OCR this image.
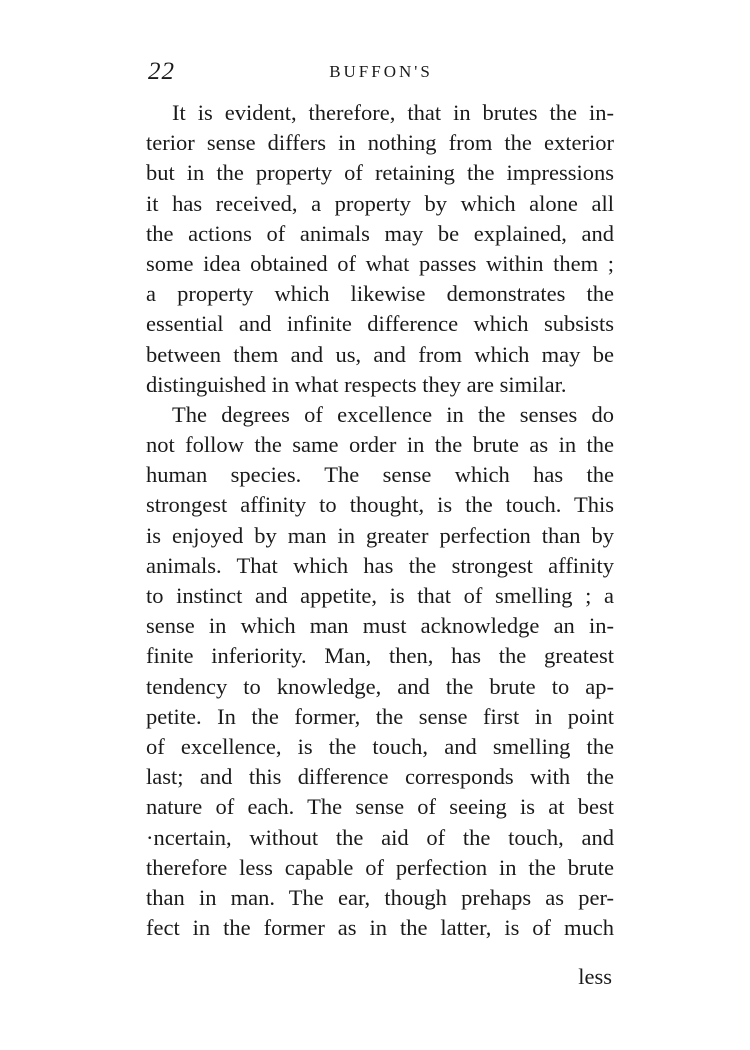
22	BUFFON'S
It is evident, therefore, that in brutes the in-
terior sense differs in nothing from the exterior
but in the property of retaining the impressions
it has received, a property by which alone all
the actions of animals may be explained, and
some idea obtained of what passes within them ;
a property which likewise demonstrates the
essential and infinite difference which subsists
between them and us, and from which may be
distinguished in what respects they are similar.
The degrees of excellence in the senses do
not follow the same order in the brute as in the
human species. The sense which has the
strongest affinity to thought, is the touch. This
is enjoyed by man in greater perfection than by
animals. That which has the strongest affinity
to instinct and appetite, is that of smelling ; a
sense in which man must acknowledge an in-
finite inferiority. Man, then, has the greatest
tendency to knowledge, and the brute to ap-
petite. In the former, the sense first in point
of excellence, is the touch, and smelling the
last; and this difference corresponds with the
nature of each. The sense of seeing is at best
·ncertain, without the aid of the touch, and
therefore less capable of perfection in the brute
than in man. The ear, though prehaps as per-
fect in the former as in the latter, is of much
less
